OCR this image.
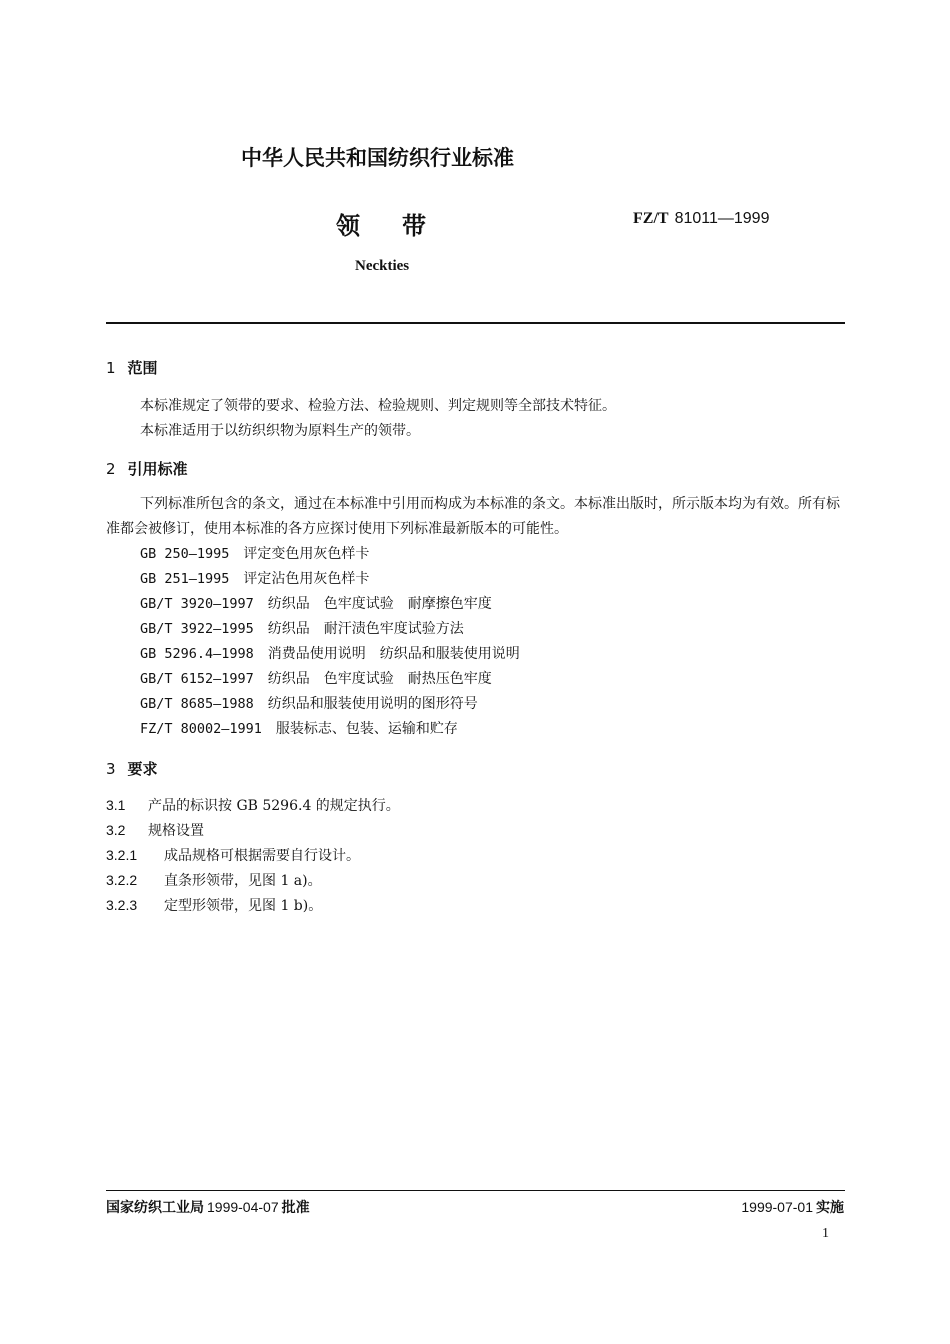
中华人民共和国纺织行业标准
领带	FZ/T 81011—1999
Neckties
1 范围
本标准规定了领带的要求、检验方法、检验规则、判定规则等全部技术特征。
本标准适用于以纺织织物为原料生产的领带。
2 引用标准
下列标准所包含的条文，通过在本标准中引用而构成为本标准的条文。本标准出版时，所示版本均为有效。所有标准都会被修订，使用本标准的各方应探讨使用下列标准最新版本的可能性。
GB 250—1995 评定变色用灰色样卡
GB 251—1995 评定沾色用灰色样卡
GB/T 3920—1997 纺织品　色牢度试验　耐摩擦色牢度
GB/T 3922—1995 纺织品　耐汗渍色牢度试验方法
GB 5296.4—1998 消费品使用说明　纺织品和服装使用说明
GB/T 6152—1997 纺织品　色牢度试验　耐热压色牢度
GB/T 8685—1988 纺织品和服装使用说明的图形符号
FZ/T 80002—1991 服装标志、包装、运输和贮存
3 要求
3.1 产品的标识按 GB 5296.4 的规定执行。
3.2 规格设置
3.2.1 成品规格可根据需要自行设计。
3.2.2 直条形领带，见图 1 a)。
3.2.3 定型形领带，见图 1 b)。
国家纺织工业局 1999-04-07 批准	1999-07-01 实施
1
